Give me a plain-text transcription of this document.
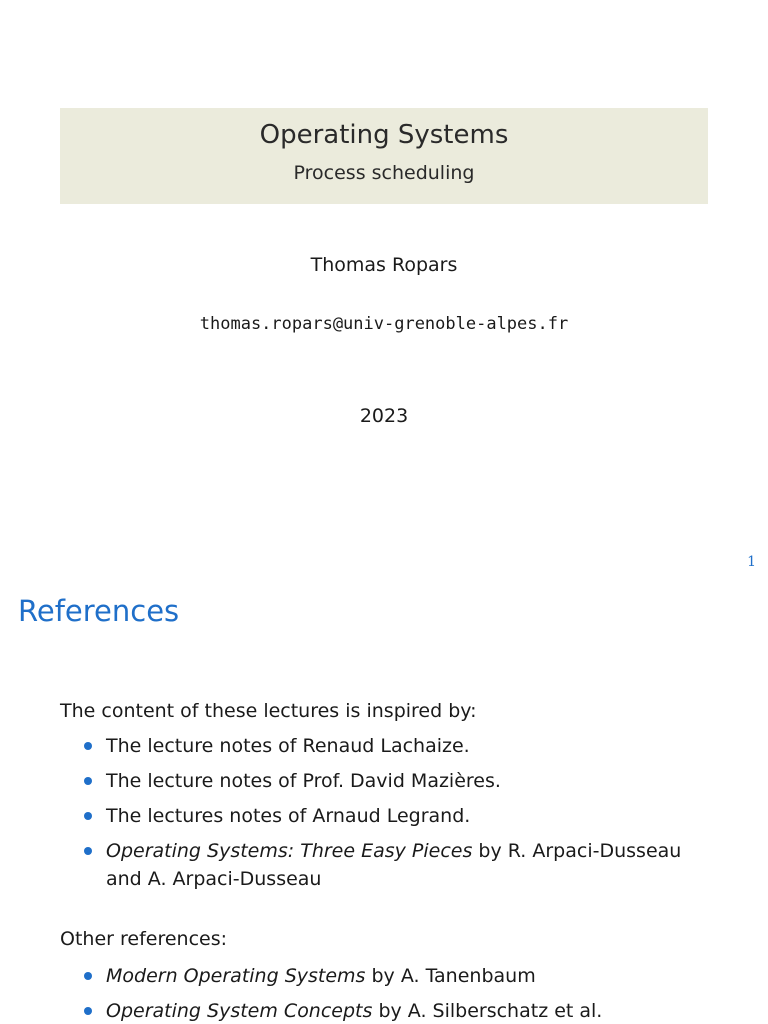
Operating Systems
Process scheduling
Thomas Ropars
thomas.ropars@univ-grenoble-alpes.fr
2023
1
References
The content of these lectures is inspired by:
The lecture notes of Renaud Lachaize.
The lecture notes of Prof. David Mazières.
The lectures notes of Arnaud Legrand.
Operating Systems: Three Easy Pieces by R. Arpaci-Dusseau and A. Arpaci-Dusseau
Other references:
Modern Operating Systems by A. Tanenbaum
Operating System Concepts by A. Silberschatz et al.
